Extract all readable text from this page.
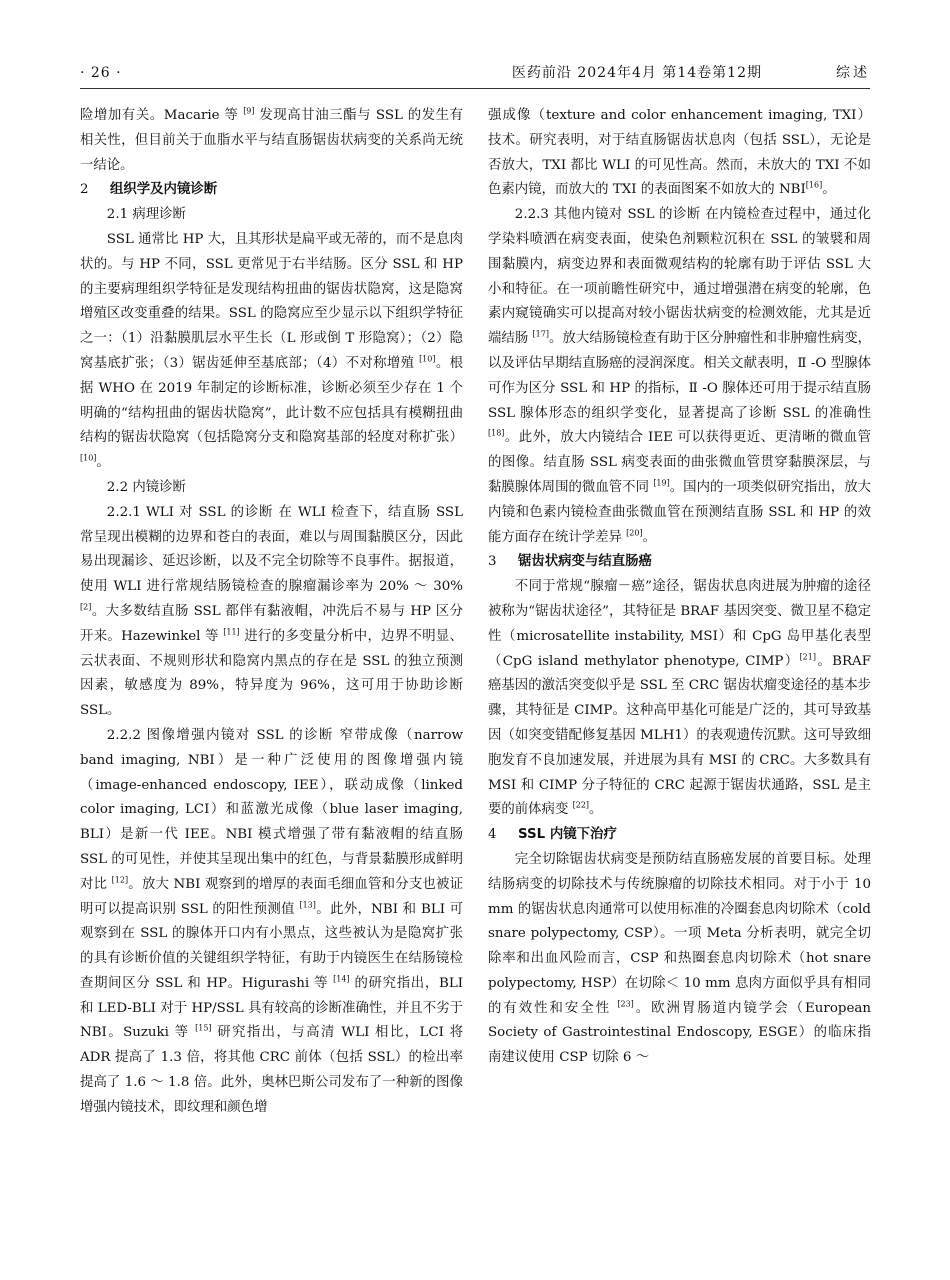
· 26 ·	医药前沿 2024年4月 第14卷第12期	综述

险增加有关。Macarie 等 [9] 发现高甘油三酯与 SSL 的发生有相关性，但目前关于血脂水平与结直肠锯齿状病变的关系尚无统一结论。

2 组织学及内镜诊断

2.1 病理诊断

SSL 通常比 HP 大，且其形状是扁平或无蒂的，而不是息肉状的。与 HP 不同，SSL 更常见于右半结肠。区分 SSL 和 HP 的主要病理组织学特征是发现结构扭曲的锯齿状隐窝，这是隐窝增殖区改变重叠的结果。SSL 的隐窝应至少显示以下组织学特征之一：（1）沿黏膜肌层水平生长（L 形或倒 T 形隐窝）；（2）隐窝基底扩张；（3）锯齿延伸至基底部；（4）不对称增殖 [10]。根据 WHO 在 2019 年制定的诊断标准，诊断必须至少存在 1 个明确的“结构扭曲的锯齿状隐窝”，此计数不应包括具有模糊扭曲结构的锯齿状隐窝（包括隐窝分支和隐窝基部的轻度对称扩张）[10]。

2.2 内镜诊断

2.2.1 WLI 对 SSL 的诊断 在 WLI 检查下，结直肠 SSL 常呈现出模糊的边界和苍白的表面，难以与周围黏膜区分，因此易出现漏诊、延迟诊断，以及不完全切除等不良事件。据报道，使用 WLI 进行常规结肠镜检查的腺瘤漏诊率为 20% ～ 30%[2]。大多数结直肠 SSL 都伴有黏液帽，冲洗后不易与 HP 区分开来。Hazewinkel 等 [11] 进行的多变量分析中，边界不明显、云状表面、不规则形状和隐窝内黑点的存在是 SSL 的独立预测因素，敏感度为 89%，特异度为 96%，这可用于协助诊断 SSL。

2.2.2 图像增强内镜对 SSL 的诊断 窄带成像（narrow band imaging, NBI）是一种广泛使用的图像增强内镜（image-enhanced endoscopy, IEE），联动成像（linked color imaging, LCI）和蓝激光成像（blue laser imaging, BLI）是新一代 IEE。NBI 模式增强了带有黏液帽的结直肠 SSL 的可见性，并使其呈现出集中的红色，与背景黏膜形成鲜明对比 [12]。放大 NBI 观察到的增厚的表面毛细血管和分支也被证明可以提高识别 SSL 的阳性预测值 [13]。此外，NBI 和 BLI 可观察到在 SSL 的腺体开口内有小黑点，这些被认为是隐窝扩张的具有诊断价值的关键组织学特征，有助于内镜医生在结肠镜检查期间区分 SSL 和 HP。Higurashi 等 [14] 的研究指出，BLI 和 LED-BLI 对于 HP/SSL 具有较高的诊断准确性，并且不劣于 NBI。Suzuki 等 [15] 研究指出，与高清 WLI 相比，LCI 将 ADR 提高了 1.3 倍，将其他 CRC 前体（包括 SSL）的检出率提高了 1.6 ～ 1.8 倍。此外，奥林巴斯公司发布了一种新的图像增强内镜技术，即纹理和颜色增

强成像（texture and color enhancement imaging, TXI）技术。研究表明，对于结直肠锯齿状息肉（包括 SSL），无论是否放大，TXI 都比 WLI 的可见性高。然而，未放大的 TXI 不如色素内镜，而放大的 TXI 的表面图案不如放大的 NBI[16]。

2.2.3 其他内镜对 SSL 的诊断 在内镜检查过程中，通过化学染料喷洒在病变表面，使染色剂颗粒沉积在 SSL 的皱襞和周围黏膜内，病变边界和表面微观结构的轮廓有助于评估 SSL 大小和特征。在一项前瞻性研究中，通过增强潜在病变的轮廓，色素内窥镜确实可以提高对较小锯齿状病变的检测效能，尤其是近端结肠 [17]。放大结肠镜检查有助于区分肿瘤性和非肿瘤性病变，以及评估早期结直肠癌的浸润深度。相关文献表明，Ⅱ -O 型腺体可作为区分 SSL 和 HP 的指标，Ⅱ -O 腺体还可用于提示结直肠 SSL 腺体形态的组织学变化，显著提高了诊断 SSL 的准确性 [18]。此外，放大内镜结合 IEE 可以获得更近、更清晰的微血管的图像。结直肠 SSL 病变表面的曲张微血管贯穿黏膜深层，与黏膜腺体周围的微血管不同 [19]。国内的一项类似研究指出，放大内镜和色素内镜检查曲张微血管在预测结直肠 SSL 和 HP 的效能方面存在统计学差异 [20]。

3 锯齿状病变与结直肠癌

不同于常规“腺瘤－癌”途径，锯齿状息肉进展为肿瘤的途径被称为“锯齿状途径”，其特征是 BRAF 基因突变、微卫星不稳定性（microsatellite instability, MSI）和 CpG 岛甲基化表型（CpG island methylator phenotype, CIMP）[21]。BRAF 癌基因的激活突变似乎是 SSL 至 CRC 锯齿状瘤变途径的基本步骤，其特征是 CIMP。这种高甲基化可能是广泛的，其可导致基因（如突变错配修复基因 MLH1）的表观遗传沉默。这可导致细胞发育不良加速发展，并进展为具有 MSI 的 CRC。大多数具有 MSI 和 CIMP 分子特征的 CRC 起源于锯齿状通路，SSL 是主要的前体病变 [22]。

4 SSL 内镜下治疗

完全切除锯齿状病变是预防结直肠癌发展的首要目标。处理结肠病变的切除技术与传统腺瘤的切除技术相同。对于小于 10 mm 的锯齿状息肉通常可以使用标准的冷圈套息肉切除术（cold snare polypectomy, CSP）。一项 Meta 分析表明，就完全切除率和出血风险而言，CSP 和热圈套息肉切除术（hot snare polypectomy, HSP）在切除＜ 10 mm 息肉方面似乎具有相同的有效性和安全性 [23]。欧洲胃肠道内镜学会（European Society of Gastrointestinal Endoscopy, ESGE）的临床指南建议使用 CSP 切除 6 ～
